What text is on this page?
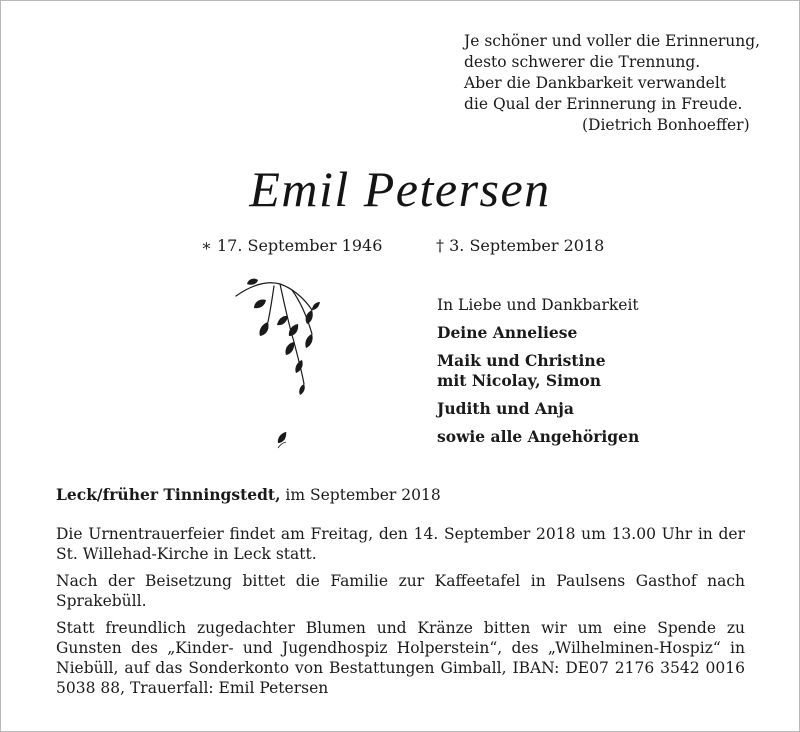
Je schöner und voller die Erinnerung,
desto schwerer die Trennung.
Aber die Dankbarkeit verwandelt
die Qual der Erinnerung in Freude.
(Dietrich Bonhoeffer)
Emil Petersen
∗ 17. September 1946	† 3. September 2018
In Liebe und Dankbarkeit
Deine Anneliese
Maik und Christine
mit Nicolay, Simon
Judith und Anja
sowie alle Angehörigen
Leck/früher Tinningstedt, im September 2018

Die Urnentrauerfeier findet am Freitag, den 14. September 2018 um 13.00 Uhr in der St. Willehad-Kirche in Leck statt.

Nach der Beisetzung bittet die Familie zur Kaffeetafel in Paulsens Gasthof nach Sprakebüll.

Statt freundlich zugedachter Blumen und Kränze bitten wir um eine Spende zu Gunsten des „Kinder- und Jugendhospiz Holperstein“, des „Wilhelminen-Hospiz“ in Niebüll, auf das Sonderkonto von Bestattungen Gimball, IBAN: DE07 2176 3542 0016 5038 88, Trauerfall: Emil Petersen
